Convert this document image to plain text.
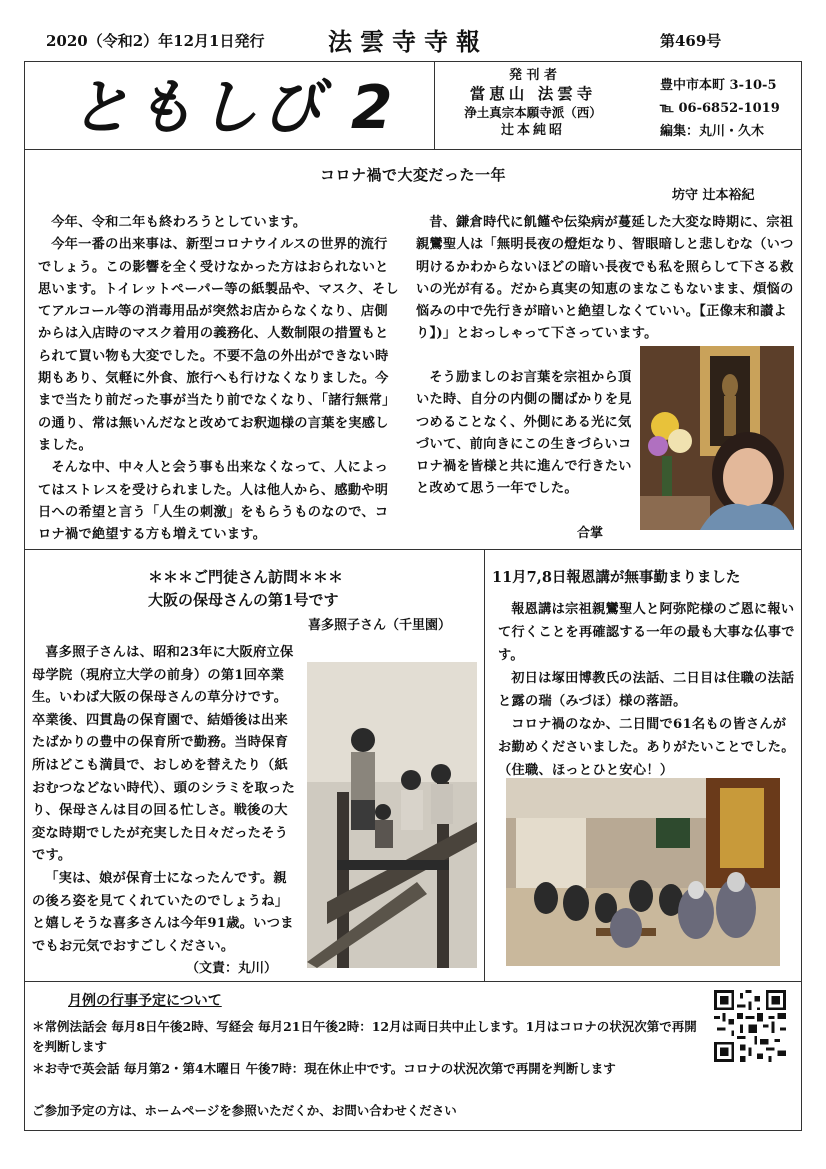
2020（令和2）年12月1日発行	法雲寺寺報	第469号
ともしび 2	発 刊 者
當恵山 法雲寺
浄土真宗本願寺派（西）
辻本純昭
豊中市本町 3-10-5
℡ 06-6852-1019
編集：丸川・久木
コロナ禍で大変だった一年
坊守 辻本裕紀

今年、令和二年も終わろうとしています。

今年一番の出来事は、新型コロナウイルスの世界的流行でしょう。この影響を全く受けなかった方はおられないと思います。トイレットペーパー等の紙製品や、マスク、そしてアルコール等の消毒用品が突然お店からなくなり、店側からは入店時のマスク着用の義務化、人数制限の措置もとられて買い物も大変でした。不要不急の外出ができない時期もあり、気軽に外食、旅行へも行けなくなりました。今まで当たり前だった事が当たり前でなくなり、「諸行無常」の通り、常は無いんだなと改めてお釈迦様の言葉を実感しました。

そんな中、中々人と会う事も出来なくなって、人によってはストレスを受けられました。人は他人から、感動や明日への希望と言う「人生の刺激」をもらうものなので、コロナ禍で絶望する方も増えています。

昔、鎌倉時代に飢饉や伝染病が蔓延した大変な時期に、宗祖親鸞聖人は「無明長夜の燈炬なり、智眼暗しと悲しむな（いつ明けるかわからないほどの暗い長夜でも私を照らして下さる救いの光が有る。だから真実の知恵のまなこもないまま、煩悩の悩みの中で先行きが暗いと絶望しなくていい。【正像末和讃より】)」とおっしゃって下さっています。

そう励ましのお言葉を宗祖から頂いた時、自分の内側の闇ばかりを見つめることなく、外側にある光に気づいて、前向きにこの生きづらいコロナ禍を皆様と共に進んで行きたいと改めて思う一年でした。

合掌
＊＊＊ご門徒さん訪問＊＊＊
大阪の保母さんの第1号です
喜多照子さん（千里園）

喜多照子さんは、昭和23年に大阪府立保母学院（現府立大学の前身）の第1回卒業生。いわば大阪の保母さんの草分けです。卒業後、四貫島の保育園で、結婚後は出来たばかりの豊中の保育所で勤務。当時保育所はどこも満員で、おしめを替えたり（紙おむつなどない時代）、頭のシラミを取ったり、保母さんは目の回る忙しさ。戦後の大変な時期でしたが充実した日々だったそうです。

「実は、娘が保育士になったんです。親の後ろ姿を見てくれていたのでしょうね」と嬉しそうな喜多さんは今年91歳。いつまでもお元気でおすごしください。

（文責：丸川）
11月7,8日報恩講が無事勤まりました

報恩講は宗祖親鸞聖人と阿弥陀様のご恩に報いて行くことを再確認する一年の最も大事な仏事です。

初日は塚田博教氏の法話、二日目は住職の法話と露の瑞（みづほ）様の落語。

コロナ禍のなか、二日間で61名もの皆さんがお勤めくださいました。ありがたいことでした。（住職、ほっとひと安心！）

月例の行事予定について
＊常例法話会 毎月8日午後2時、写経会 毎月21日午後2時：12月は両日共中止します。1月はコロナの状況次第で再開を判断します
＊お寺で英会話 毎月第2・第4木曜日 午後7時：現在休止中です。コロナの状況次第で再開を判断します
ご参加予定の方は、ホームページを参照いただくか、お問い合わせください
